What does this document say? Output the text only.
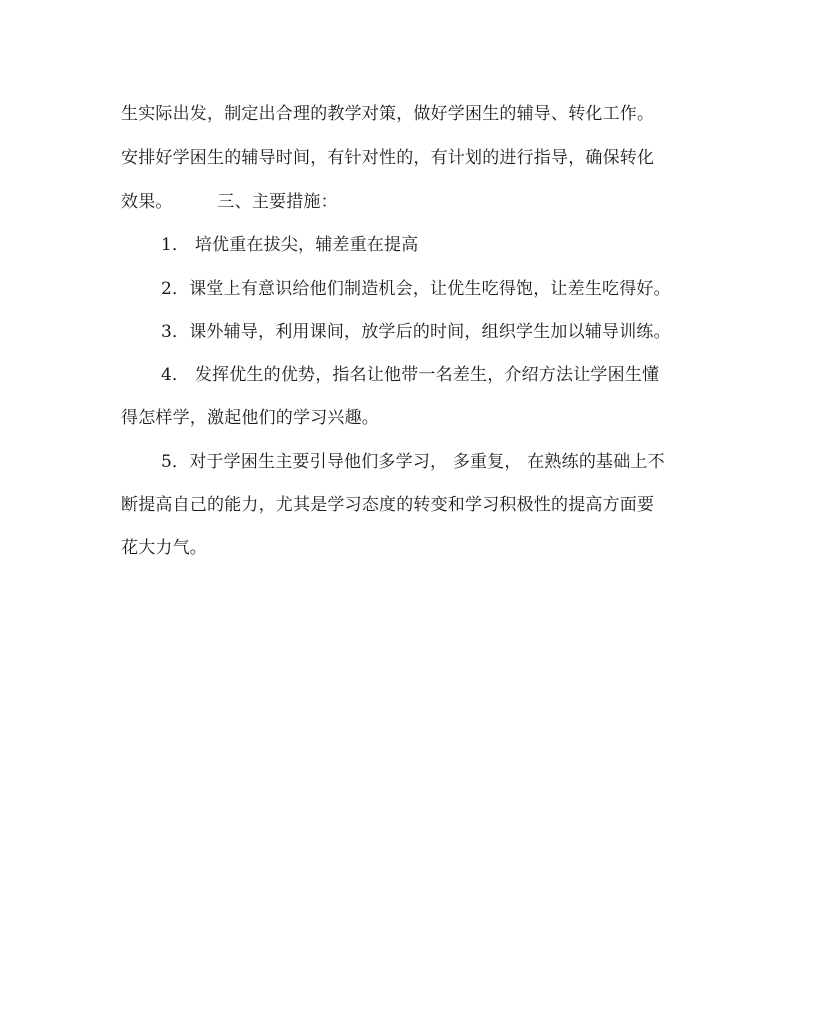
生实际出发，制定出合理的教学对策，做好学困生的辅导、转化工作。
安排好学困生的辅导时间，有针对性的，有计划的进行指导，确保转化
效果。        三、主要措施：
1． 培优重在拔尖，辅差重在提高
2．课堂上有意识给他们制造机会，让优生吃得饱，让差生吃得好。
3．课外辅导，利用课间，放学后的时间，组织学生加以辅导训练。
4． 发挥优生的优势，指名让他带一名差生，介绍方法让学困生懂
得怎样学，激起他们的学习兴趣。
5．对于学困生主要引导他们多学习， 多重复， 在熟练的基础上不
断提高自己的能力，尤其是学习态度的转变和学习积极性的提高方面要
花大力气。
